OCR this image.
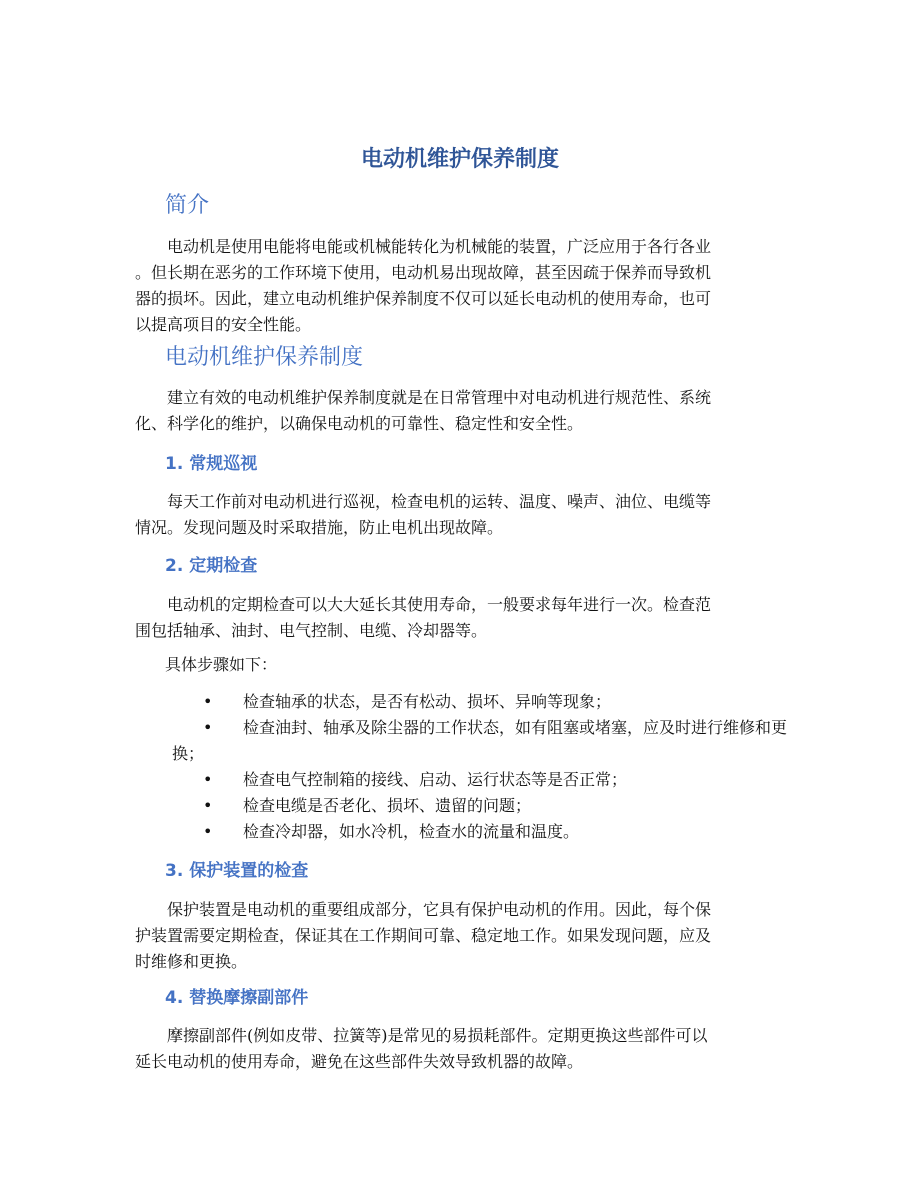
电动机维护保养制度
简介

电动机是使用电能将电能或机械能转化为机械能的装置，广泛应用于各行各业
。但长期在恶劣的工作环境下使用，电动机易出现故障，甚至因疏于保养而导致机
器的损坏。因此，建立电动机维护保养制度不仅可以延长电动机的使用寿命，也可
以提高项目的安全性能。

电动机维护保养制度

建立有效的电动机维护保养制度就是在日常管理中对电动机进行规范性、系统
化、科学化的维护，以确保电动机的可靠性、稳定性和安全性。

1. 常规巡视

每天工作前对电动机进行巡视，检查电机的运转、温度、噪声、油位、电缆等
情况。发现问题及时采取措施，防止电机出现故障。

2. 定期检查

电动机的定期检查可以大大延长其使用寿命，一般要求每年进行一次。检查范
围包括轴承、油封、电气控制、电缆、冷却器等。

具体步骤如下：

• 检查轴承的状态，是否有松动、损坏、异响等现象；
• 检查油封、轴承及除尘器的工作状态，如有阻塞或堵塞，应及时进行维修和更换；
• 检查电气控制箱的接线、启动、运行状态等是否正常；
• 检查电缆是否老化、损坏、遗留的问题；
• 检查冷却器，如水冷机，检查水的流量和温度。
3. 保护装置的检查

保护装置是电动机的重要组成部分，它具有保护电动机的作用。因此，每个保
护装置需要定期检查，保证其在工作期间可靠、稳定地工作。如果发现问题，应及
时维修和更换。

4. 替换摩擦副部件

摩擦副部件(例如皮带、拉簧等)是常见的易损耗部件。定期更换这些部件可以
延长电动机的使用寿命，避免在这些部件失效导致机器的故障。
